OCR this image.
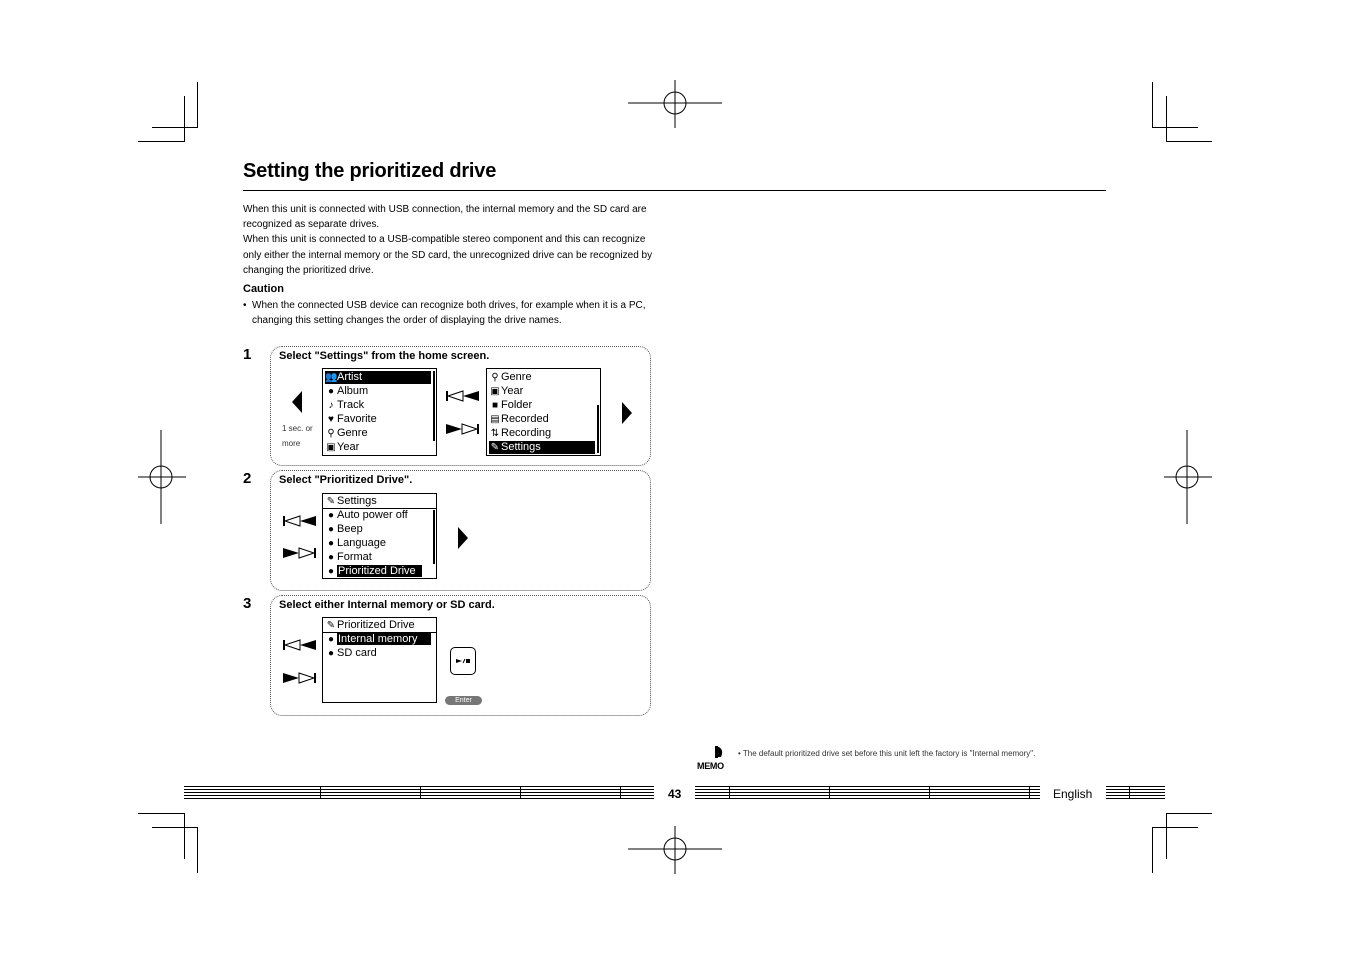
Setting the prioritized drive

When this unit is connected with USB connection, the internal memory and the SD card are recognized as separate drives.

When this unit is connected to a USB-compatible stereo component and this can recognize only either the internal memory or the SD card, the unrecognized drive can be recognized by changing the prioritized drive.

Caution
• When the connected USB device can recognize both drives, for example when it is a PC, changing this setting changes the order of displaying the drive names.
1	Select "Settings" from the home screen.
1 sec. or
more
👥Artist
● Album
♪ Track
♥ Favorite
⚲ Genre
▣Year
⚲ Genre
▣Year
■ Folder
▤Recorded
⇅ Recording
✎ Settings
2	Select "Prioritized Drive".
✎ Settings
● Auto power off
● Beep
● Language
● Format
● Prioritized Drive
3	Select either Internal memory or SD card.
✎ Prioritized Drive
● Internal memory
● SD card
Enter
MEMO
• The default prioritized drive set before this unit left the factory is "Internal memory".
43	English
